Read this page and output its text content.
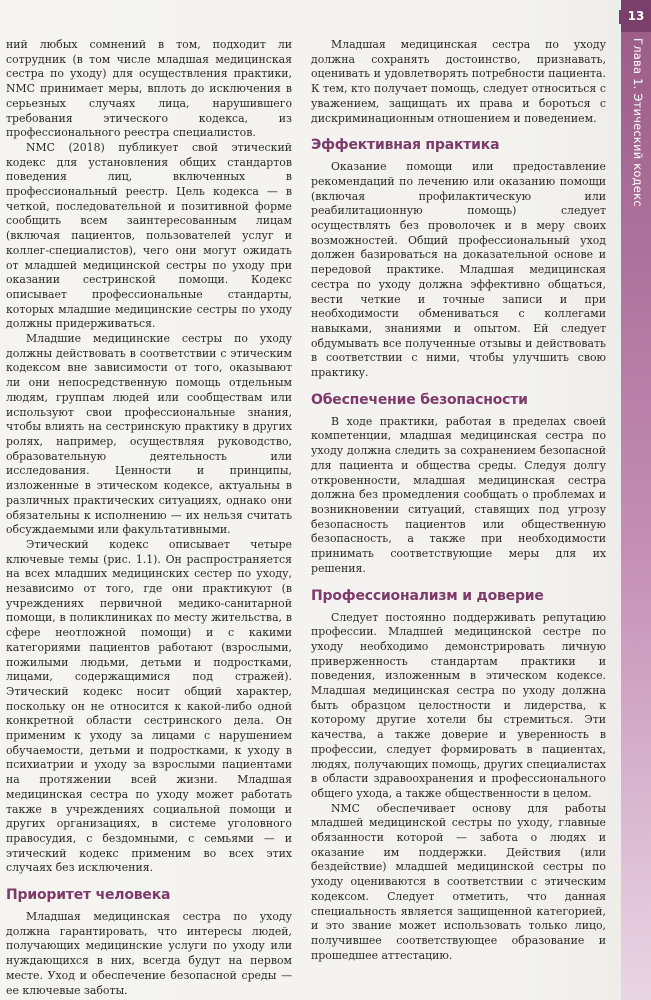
ний любых сомнений в том, подходит ли сотрудник (в том числе младшая медицинская сестра по уходу) для осуществления практики, NMC принимает меры, вплоть до исключения в серьезных случаях лица, нарушившего требования этического кодекса, из профессионального реестра специалистов.

NMC (2018) публикует свой этический кодекс для установления общих стандартов поведения лиц, включенных в профессиональный реестр. Цель кодекса — в четкой, последовательной и позитивной форме сообщить всем заинтересованным лицам (включая пациентов, пользователей услуг и коллег-специалистов), чего они могут ожидать от младшей медицинской сестры по уходу при оказании сестринской помощи. Кодекс описывает профессиональные стандарты, которых младшие медицинские сестры по уходу должны придерживаться.

Младшие медицинские сестры по уходу должны действовать в соответствии с этическим кодексом вне зависимости от того, оказывают ли они непосредственную помощь отдельным людям, группам людей или сообществам или используют свои профессиональные знания, чтобы влиять на сестринскую практику в других ролях, например, осуществляя руководство, образовательную деятельность или исследования. Ценности и принципы, изложенные в этическом кодексе, актуальны в различных практических ситуациях, однако они обязательны к исполнению — их нельзя считать обсуждаемыми или факультативными.

Этический кодекс описывает четыре ключевые темы (рис. 1.1). Он распространяется на всех младших медицинских сестер по уходу, независимо от того, где они практикуют (в учреждениях первичной медико-санитарной помощи, в поликлиниках по месту жительства, в сфере неотложной помощи) и с какими категориями пациентов работают (взрослыми, пожилыми людьми, детьми и подростками, лицами, содержащимися под стражей). Этический кодекс носит общий характер, поскольку он не относится к какой-либо одной конкретной области сестринского дела. Он применим к уходу за лицами с нарушением обучаемости, детьми и подростками, к уходу в психиатрии и уходу за взрослыми пациентами на протяжении всей жизни. Младшая медицинская сестра по уходу может работать также в учреждениях социальной помощи и других организациях, в системе уголовного правосудия, с бездомными, с семьями — и этический кодекс применим во всех этих случаях без исключения.

Приоритет человека

Младшая медицинская сестра по уходу должна гарантировать, что интересы людей, получающих медицинские услуги по уходу или нуждающихся в них, всегда будут на первом месте. Уход и обеспечение безопасной среды — ее ключевые заботы.

Младшая медицинская сестра по уходу должна сохранять достоинство, признавать, оценивать и удовлетворять потребности пациента. К тем, кто получает помощь, следует относиться с уважением, защищать их права и бороться с дискриминационным отношением и поведением.

Эффективная практика

Оказание помощи или предоставление рекомендаций по лечению или оказанию помощи (включая профилактическую или реабилитационную помощь) следует осуществлять без проволочек и в меру своих возможностей. Общий профессиональный уход должен базироваться на доказательной основе и передовой практике. Младшая медицинская сестра по уходу должна эффективно общаться, вести четкие и точные записи и при необходимости обмениваться с коллегами навыками, знаниями и опытом. Ей следует обдумывать все полученные отзывы и действовать в соответствии с ними, чтобы улучшить свою практику.

Обеспечение безопасности

В ходе практики, работая в пределах своей компетенции, младшая медицинская сестра по уходу должна следить за сохранением безопасной для пациента и общества среды. Следуя долгу откровенности, младшая медицинская сестра должна без промедления сообщать о проблемах и возникновении ситуаций, ставящих под угрозу безопасность пациентов или общественную безопасность, а также при необходимости принимать соответствующие меры для их решения.

Профессионализм и доверие

Следует постоянно поддерживать репутацию профессии. Младшей медицинской сестре по уходу необходимо демонстрировать личную приверженность стандартам практики и поведения, изложенным в этическом кодексе. Младшая медицинская сестра по уходу должна быть образцом целостности и лидерства, к которому другие хотели бы стремиться. Эти качества, а также доверие и уверенность в профессии, следует формировать в пациентах, людях, получающих помощь, других специалистах в области здравоохранения и профессионального общего ухода, а также общественности в целом.

NMC обеспечивает основу для работы младшей медицинской сестры по уходу, главные обязанности которой — забота о людях и оказание им поддержки. Действия (или бездействие) младшей медицинской сестры по уходу оцениваются в соответствии с этическим кодексом. Следует отметить, что данная специальность является защищенной категорией, и это звание может использовать только лицо, получившее соответствующее образование и прошедшее аттестацию.

13
Глава 1. Этический кодекс
